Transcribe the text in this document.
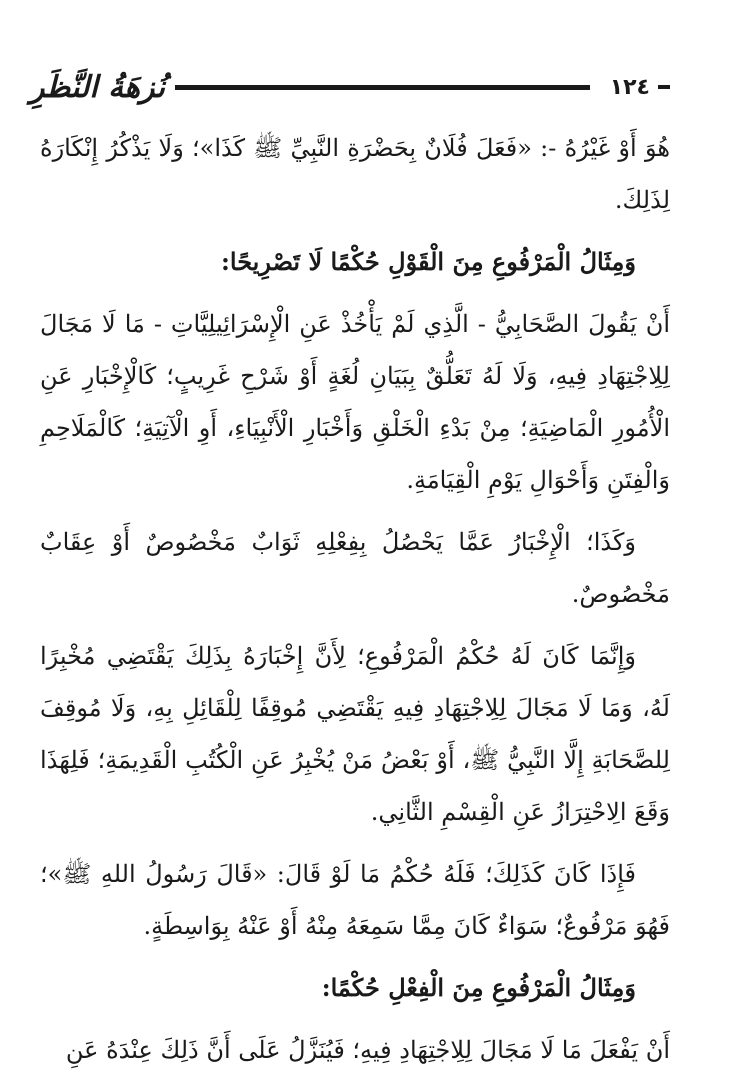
١٢٤
نُزهَةُ النَّظَرِ

هُوَ أَوْ غَيْرُهُ -: «فَعَلَ فُلَانٌ بِحَضْرَةِ النَّبِيِّ ﷺ كَذَا»؛ وَلَا يَذْكُرُ إِنْكَارَهُ لِذَلِكَ.

وَمِثَالُ الْمَرْفُوعِ مِنَ الْقَوْلِ حُكْمًا لَا تَصْرِيحًا:

أَنْ يَقُولَ الصَّحَابِيُّ - الَّذِي لَمْ يَأْخُذْ عَنِ الْإِسْرَائِيلِيَّاتِ - مَا لَا مَجَالَ لِلِاجْتِهَادِ فِيهِ، وَلَا لَهُ تَعَلُّقٌ بِبَيَانِ لُغَةٍ أَوْ شَرْحِ غَرِيبٍ؛ كَالْإِخْبَارِ عَنِ الْأُمُورِ الْمَاضِيَةِ؛ مِنْ بَدْءِ الْخَلْقِ وَأَخْبَارِ الْأَنْبِيَاءِ، أَوِ الْآتِيَةِ؛ كَالْمَلَاحِمِ وَالْفِتَنِ وَأَحْوَالِ يَوْمِ الْقِيَامَةِ.

وَكَذَا؛ الْإِخْبَارُ عَمَّا يَحْصُلُ بِفِعْلِهِ ثَوَابٌ مَخْصُوصٌ أَوْ عِقَابٌ مَخْصُوصٌ.

وَإِنَّمَا كَانَ لَهُ حُكْمُ الْمَرْفُوعِ؛ لِأَنَّ إِخْبَارَهُ بِذَلِكَ يَقْتَضِي مُخْبِرًا لَهُ، وَمَا لَا مَجَالَ لِلِاجْتِهَادِ فِيهِ يَقْتَضِي مُوقِفًا لِلْقَائِلِ بِهِ، وَلَا مُوقِفَ لِلصَّحَابَةِ إِلَّا النَّبِيُّ ﷺ، أَوْ بَعْضُ مَنْ يُخْبِرُ عَنِ الْكُتُبِ الْقَدِيمَةِ؛ فَلِهَذَا وَقَعَ الِاحْتِرَازُ عَنِ الْقِسْمِ الثَّانِي.

فَإِذَا كَانَ كَذَلِكَ؛ فَلَهُ حُكْمُ مَا لَوْ قَالَ: «قَالَ رَسُولُ اللهِ ﷺ»؛ فَهُوَ مَرْفُوعٌ؛ سَوَاءٌ كَانَ مِمَّا سَمِعَهُ مِنْهُ أَوْ عَنْهُ بِوَاسِطَةٍ.

وَمِثَالُ الْمَرْفُوعِ مِنَ الْفِعْلِ حُكْمًا:

أَنْ يَفْعَلَ مَا لَا مَجَالَ لِلِاجْتِهَادِ فِيهِ؛ فَيُنَزَّلُ عَلَى أَنَّ ذَلِكَ عِنْدَهُ عَنِ
